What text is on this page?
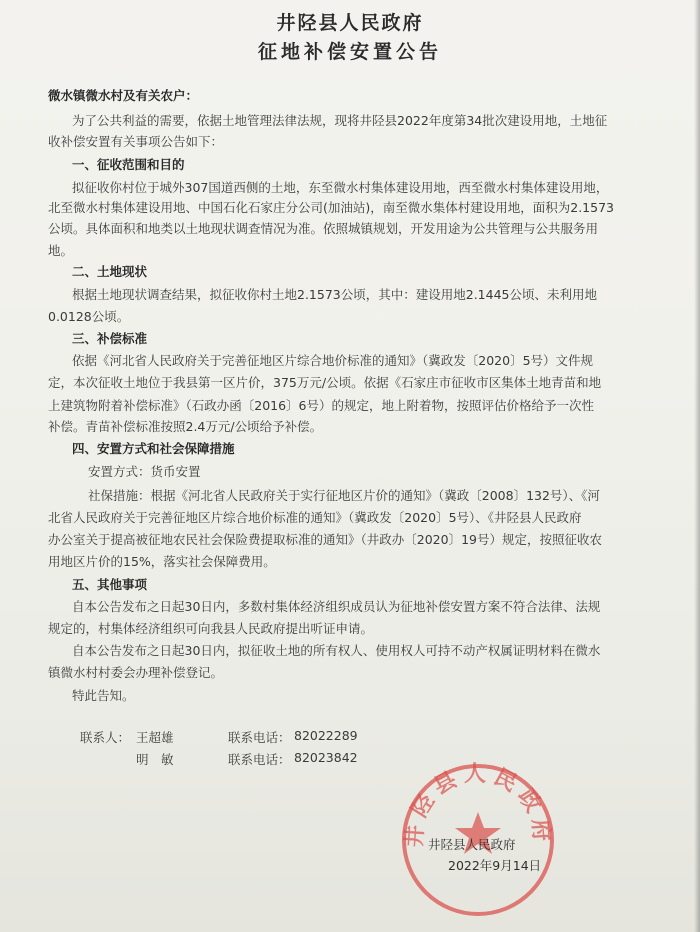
井陉县人民政府
征地补偿安置公告
微水镇微水村及有关农户：
为了公共利益的需要，依据土地管理法律法规，现将井陉县2022年度第34批次建设用地，土地征
收补偿安置有关事项公告如下：
一、征收范围和目的
拟征收你村位于城外307国道西侧的土地，东至微水村集体建设用地，西至微水村集体建设用地，
北至微水村集体建设用地、中国石化石家庄分公司(加油站)，南至微水集体村建设用地，面积为2.1573
公顷。具体面积和地类以土地现状调查情况为准。依照城镇规划，开发用途为公共管理与公共服务用
地。
二、土地现状
根据土地现状调查结果，拟征收你村土地2.1573公顷，其中：建设用地2.1445公顷、未利用地
0.0128公顷。
三、补偿标准
依据《河北省人民政府关于完善征地区片综合地价标准的通知》（冀政发〔2020〕5号）文件规
定，本次征收土地位于我县第一区片价，375万元/公顷。依据《石家庄市征收市区集体土地青苗和地
上建筑物附着补偿标准》（石政办函〔2016〕6号）的规定，地上附着物，按照评估价格给予一次性
补偿。青苗补偿标准按照2.4万元/公顷给予补偿。
四、安置方式和社会保障措施
安置方式：货币安置
社保措施：根据《河北省人民政府关于实行征地区片价的通知》（冀政〔2008〕132号）、《河
北省人民政府关于完善征地区片综合地价标准的通知》（冀政发〔2020〕5号）、《井陉县人民政府
办公室关于提高被征地农民社会保险费提取标准的通知》（井政办〔2020〕19号）规定，按照征收农
用地区片价的15%，落实社会保障费用。
五、其他事项
自本公告发布之日起30日内，多数村集体经济组织成员认为征地补偿安置方案不符合法律、法规
规定的，村集体经济组织可向我县人民政府提出听证申请。
自本公告发布之日起30日内，拟征收土地的所有权人、使用权人可持不动产权属证明材料在微水
镇微水村村委会办理补偿登记。
特此告知。
联系人： 王超雄	联系电话： 82022289
明　敏	联系电话： 82023842
井陉县人民政府
井陉县人民政府
2022年9月14日
